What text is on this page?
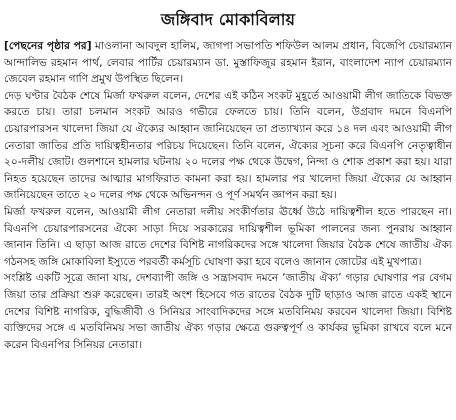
জঙ্গিবাদ মোকাবিলায়

[পেছনের পৃষ্ঠার পর] মাওলানা আবদুল হালিম, জাগপা সভাপতি শফিউল আলম প্রধান, বিজেপি চেয়ারম্যান আন্দালিভ রহমান পার্থ, লেবার পার্টির চেয়ারম্যান ডা. মুস্তাফিজুর রহমান ইরান, বাংলাদেশ ন্যাপ চেয়ারম্যান জেবেল রহমান গাণি প্রমুখ উপস্থিত ছিলেন।

দেড় ঘণ্টার বৈঠক শেষে মির্জা ফখরুল বলেন, দেশের এই কঠিন সংকট মুহূর্তে আওয়ামী লীগ জাতিকে বিভক্ত করতে চায়। তারা চলমান সংকট আরও গভীরে ফেলতে চায়। তিনি বলেন, উগ্রবাদ দমনে বিএনপি চেয়ারপারসন খালেদা জিয়া যে ঐক্যের আহ্বান জানিয়েছেন তা প্রত্যাখ্যান করে ১৪ দল এবং আওয়ামী লীগ নেতারা জাতির প্রতি দায়িত্বহীনতার পরিচয় দিয়েছেন। তিনি বলেন, ঐক্যের সূচনা করে বিএনপি নেতৃত্বাধীন ২০-দলীয় জোট। গুলশানে হামলার ঘটনায় ২০ দলের পক্ষ থেকে উদ্বেগ, নিন্দা ও শোক প্রকাশ করা হয়। যারা নিহত হয়েছেন তাদের আত্মার মাগফিরাত কামনা করা হয়। হামলার পর খালেদা জিয়া ঐক্যের যে আহ্বান জানিয়েছেন তাতে ২০ দলের পক্ষ থেকে অভিনন্দন ও পূর্ণ সমর্থন জ্ঞাপন করা হয়।

মির্জা ফখরুল বলেন, আওয়ামী লীগ নেতারা দলীয় সংকীর্ণতার ঊর্ধ্বে উঠে দায়িত্বশীল হতে পারছেন না। বিএনপি চেয়ারপারসনের ঐক্যে সাড়া দিয়ে সরকারের দায়িত্বশীল ভূমিকা পালনের জন্য পুনরায় আহ্বান জানান তিনি। এ ছাড়া আজ রাতে দেশের বিশিষ্ট নাগরিকদের সঙ্গে খালেদা জিয়ার বৈঠক শেষে জাতীয় ঐক্য গঠনসহ জঙ্গি মোকাবিলা ইস্যুতে পরবর্তী কর্মসূচি ঘোষণা করা হবে বলেও জানান জোটের এই মুখপাত্র।

সংশ্লিষ্ট একটি সূত্রে জানা যায়, দেশব্যাপী জঙ্গি ও সন্ত্রাসবাদ দমনে ‘জাতীয় ঐক্য’ গড়ার ঘোষণার পর বেগম জিয়া তার প্রক্রিয়া শুরু করেছেন। তারই অংশ হিসেবে গত রাতের বৈঠক দুটি ছাড়াও আজ রাতে একই স্থানে দেশের বিশিষ্ট নাগরিক, বুদ্ধিজীবী ও সিনিয়র সাংবাদিকদের সঙ্গে মতবিনিময় করবেন খালেদা জিয়া। বিশিষ্ট ব্যক্তিদের সঙ্গে এ মতবিনিময় সভা জাতীয় ঐক্য গড়ার ক্ষেত্রে গুরুত্বপূর্ণ ও কার্যকর ভূমিকা রাখবে বলে মনে করেন বিএনপির সিনিয়র নেতারা।
